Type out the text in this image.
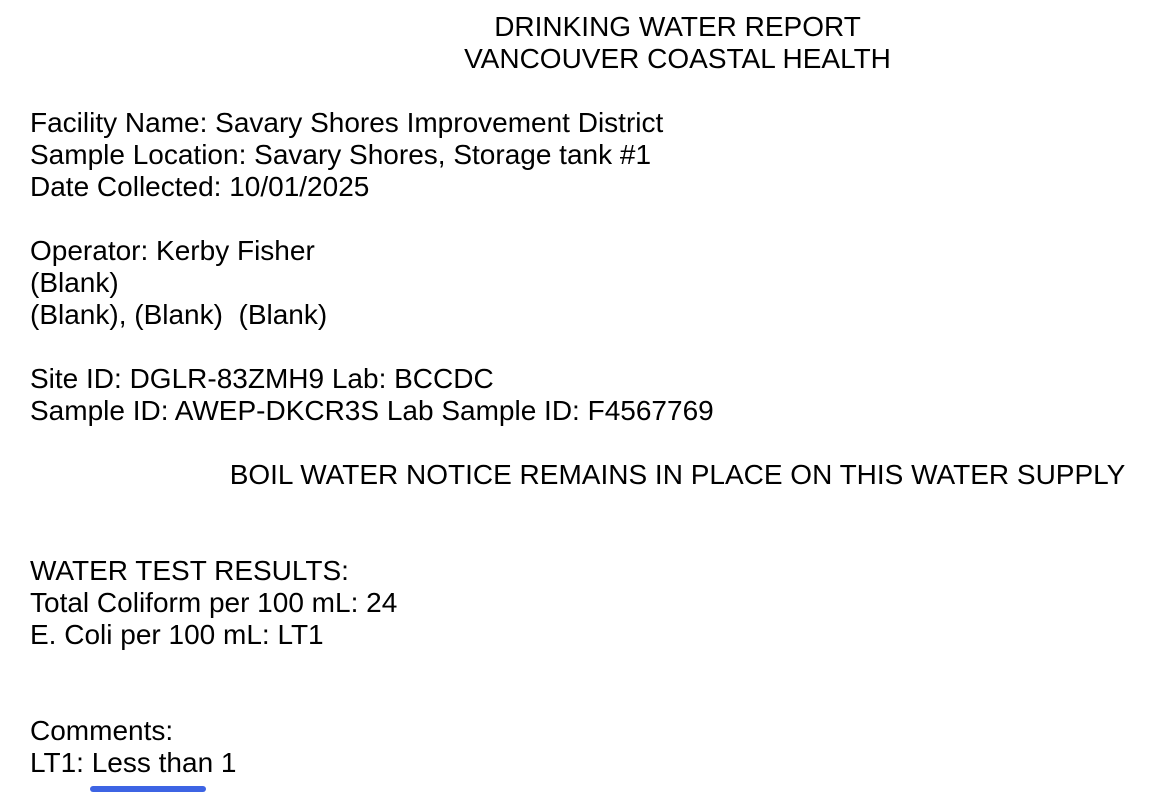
DRINKING WATER REPORT
VANCOUVER COASTAL HEALTH
Facility Name: Savary Shores Improvement District
Sample Location: Savary Shores, Storage tank #1
Date Collected: 10/01/2025
Operator: Kerby Fisher
(Blank)
(Blank), (Blank)  (Blank)
Site ID: DGLR-83ZMH9 Lab: BCCDC
Sample ID: AWEP-DKCR3S Lab Sample ID: F4567769
BOIL WATER NOTICE REMAINS IN PLACE ON THIS WATER SUPPLY
WATER TEST RESULTS:
Total Coliform per 100 mL: 24
E. Coli per 100 mL: LT1
Comments:
LT1: Less than 1
